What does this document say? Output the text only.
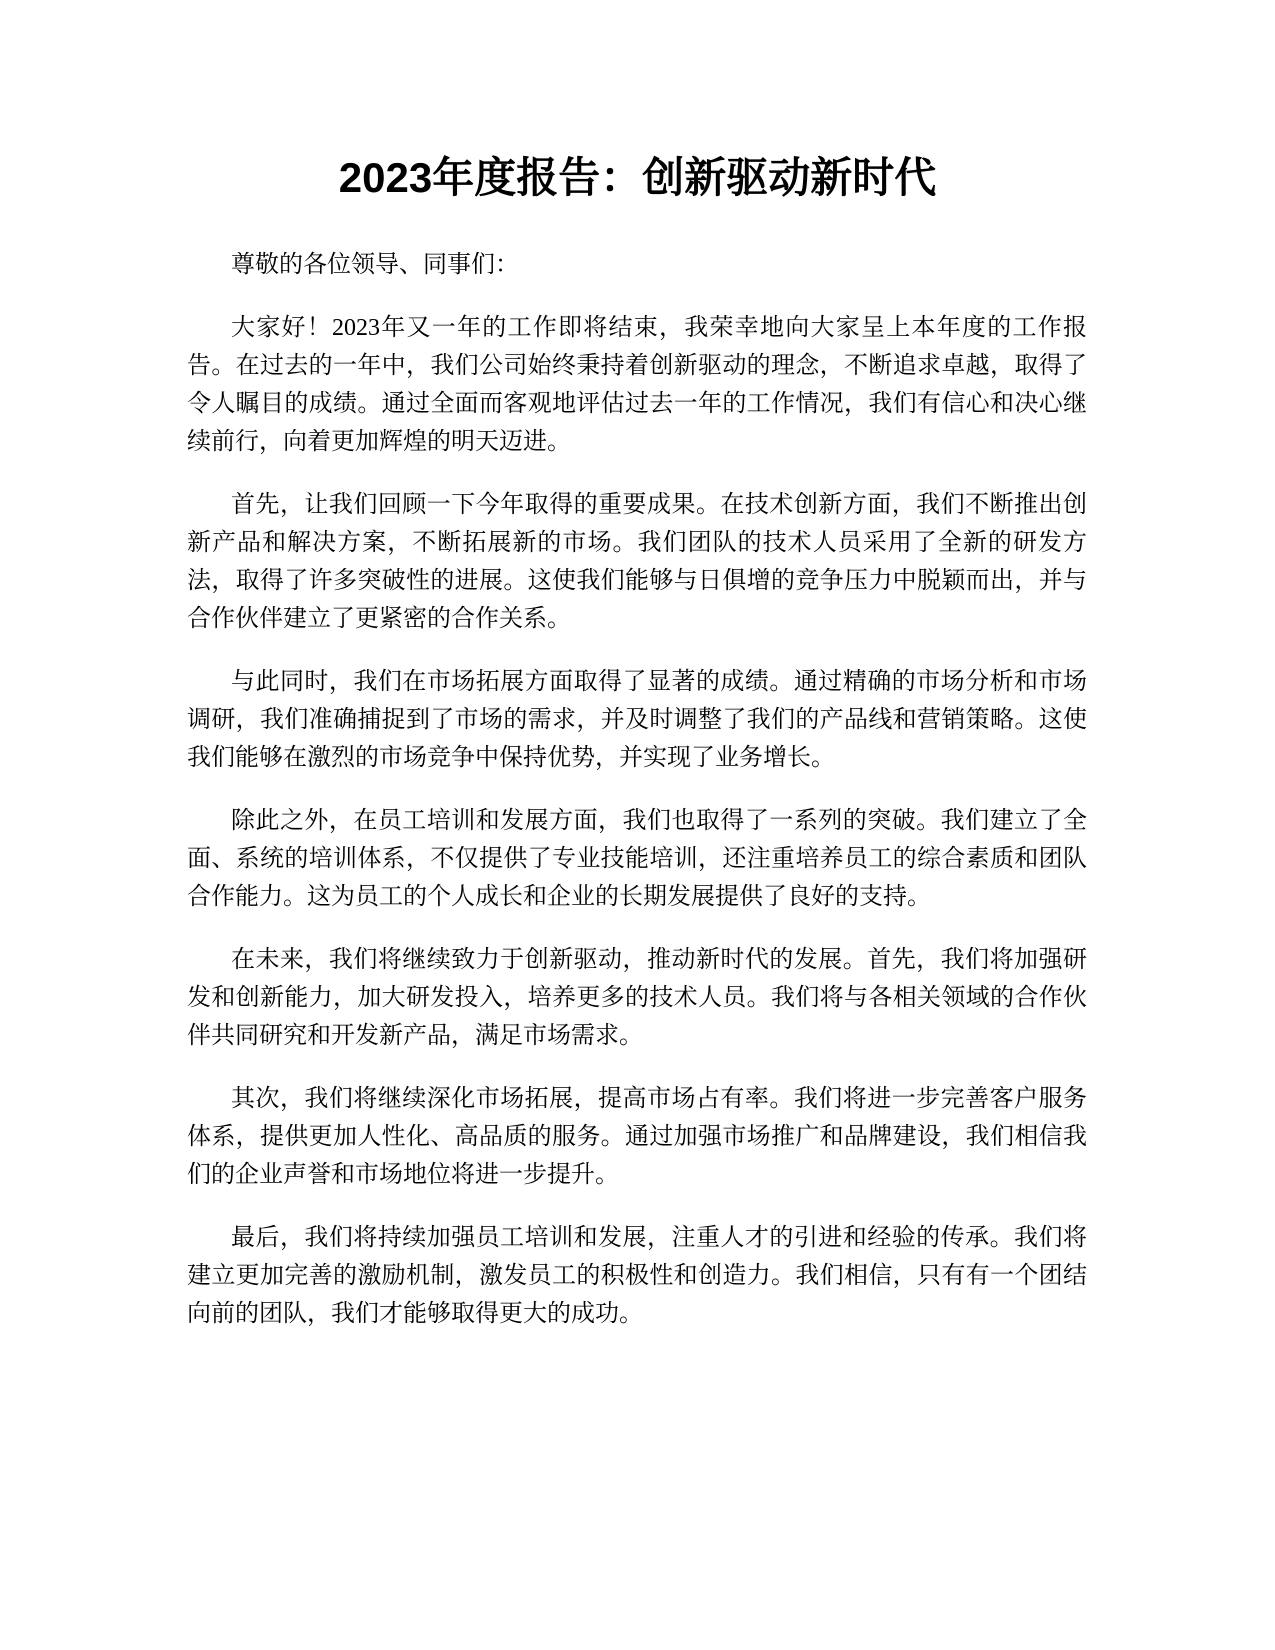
2023年度报告：创新驱动新时代

尊敬的各位领导、同事们：

大家好！2023年又一年的工作即将结束，我荣幸地向大家呈上本年度的工作报告。在过去的一年中，我们公司始终秉持着创新驱动的理念，不断追求卓越，取得了令人瞩目的成绩。通过全面而客观地评估过去一年的工作情况，我们有信心和决心继续前行，向着更加辉煌的明天迈进。

首先，让我们回顾一下今年取得的重要成果。在技术创新方面，我们不断推出创新产品和解决方案，不断拓展新的市场。我们团队的技术人员采用了全新的研发方法，取得了许多突破性的进展。这使我们能够与日俱增的竞争压力中脱颖而出，并与合作伙伴建立了更紧密的合作关系。

与此同时，我们在市场拓展方面取得了显著的成绩。通过精确的市场分析和市场调研，我们准确捕捉到了市场的需求，并及时调整了我们的产品线和营销策略。这使我们能够在激烈的市场竞争中保持优势，并实现了业务增长。

除此之外，在员工培训和发展方面，我们也取得了一系列的突破。我们建立了全面、系统的培训体系，不仅提供了专业技能培训，还注重培养员工的综合素质和团队合作能力。这为员工的个人成长和企业的长期发展提供了良好的支持。

在未来，我们将继续致力于创新驱动，推动新时代的发展。首先，我们将加强研发和创新能力，加大研发投入，培养更多的技术人员。我们将与各相关领域的合作伙伴共同研究和开发新产品，满足市场需求。

其次，我们将继续深化市场拓展，提高市场占有率。我们将进一步完善客户服务体系，提供更加人性化、高品质的服务。通过加强市场推广和品牌建设，我们相信我们的企业声誉和市场地位将进一步提升。

最后，我们将持续加强员工培训和发展，注重人才的引进和经验的传承。我们将建立更加完善的激励机制，激发员工的积极性和创造力。我们相信，只有有一个团结向前的团队，我们才能够取得更大的成功。
